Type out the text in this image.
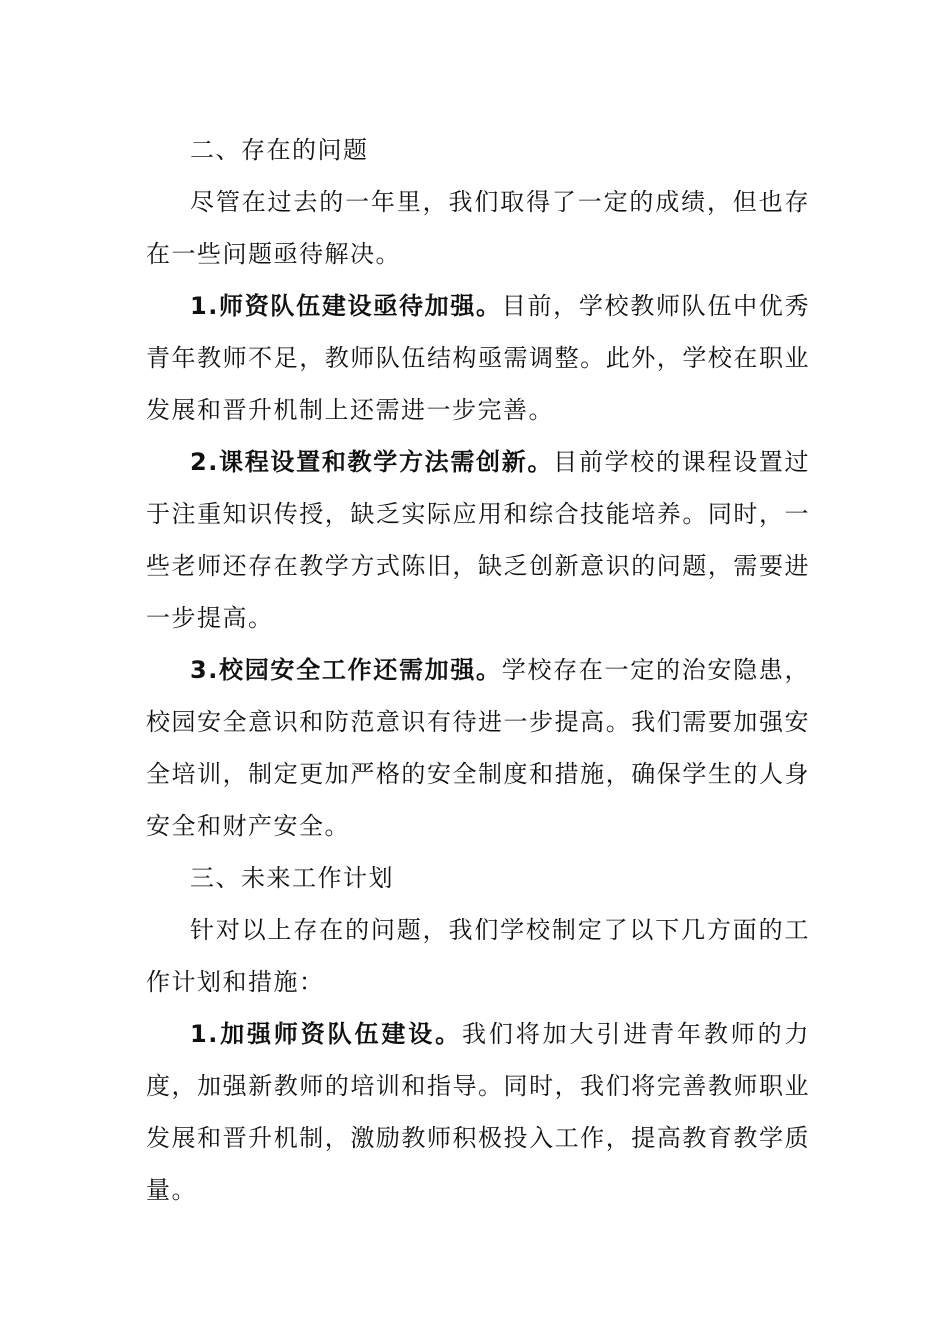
二、存在的问题

尽管在过去的一年里，我们取得了一定的成绩，但也存在一些问题亟待解决。

1.师资队伍建设亟待加强。目前，学校教师队伍中优秀青年教师不足，教师队伍结构亟需调整。此外，学校在职业发展和晋升机制上还需进一步完善。

2.课程设置和教学方法需创新。目前学校的课程设置过于注重知识传授，缺乏实际应用和综合技能培养。同时，一些老师还存在教学方式陈旧，缺乏创新意识的问题，需要进一步提高。

3.校园安全工作还需加强。学校存在一定的治安隐患，校园安全意识和防范意识有待进一步提高。我们需要加强安全培训，制定更加严格的安全制度和措施，确保学生的人身安全和财产安全。

三、未来工作计划

针对以上存在的问题，我们学校制定了以下几方面的工作计划和措施：

1.加强师资队伍建设。我们将加大引进青年教师的力度，加强新教师的培训和指导。同时，我们将完善教师职业发展和晋升机制，激励教师积极投入工作，提高教育教学质量。
